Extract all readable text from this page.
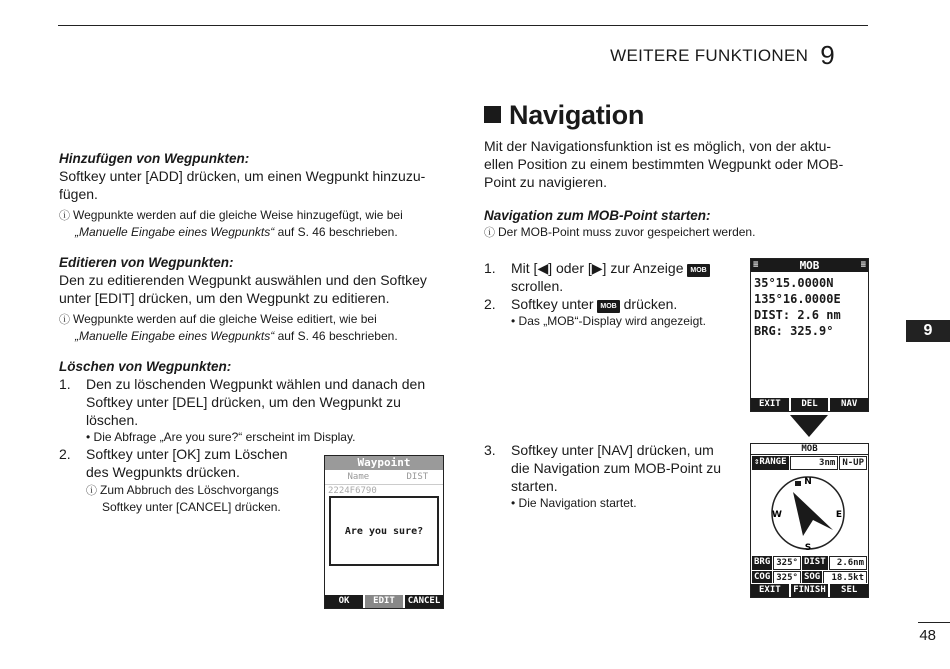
WEITERE FUNKTIONEN 9
9
Hinzufügen von Wegpunkten:
Softkey unter [ADD] drücken, um einen Wegpunkt hinzuzufügen.
ⓘ Wegpunkte werden auf die gleiche Weise hinzugefügt, wie bei
„Manuelle Eingabe eines Wegpunkts“ auf S. 46 beschrieben.
Editieren von Wegpunkten:
Den zu editierenden Wegpunkt auswählen und den Softkey unter [EDIT] drücken, um den Wegpunkt zu editieren.
ⓘ Wegpunkte werden auf die gleiche Weise editiert, wie bei
„Manuelle Eingabe eines Wegpunkts“ auf S. 46 beschrieben.
Löschen von Wegpunkten:
1.	Den zu löschenden Wegpunkt wählen und danach den Softkey unter [DEL] drücken, um den Wegpunkt zu löschen.
• Die Abfrage „Are you sure?“ erscheint im Display.
2.	Softkey unter [OK] zum Löschen des Wegpunkts drücken.
ⓘ Zum Abbruch des Löschvorgangs Softkey unter [CANCEL] drücken.
Waypoint
Name	DIST
2224F6790
Are you sure?
OK	EDIT	CANCEL
Navigation
Mit der Navigationsfunktion ist es möglich, von der aktuellen Position zu einem bestimmten Wegpunkt oder MOB-Point zu navigieren.
Navigation zum MOB-Point starten:
ⓘ Der MOB-Point muss zuvor gespeichert werden.
1.	Mit [◀] oder [▶] zur Anzeige MOB
scrollen.
2.	Softkey unter MOB drücken.
• Das „MOB“-Display wird angezeigt.
3.	Softkey unter [NAV] drücken, um die Navigation zum MOB-Point zu starten.
• Die Navigation startet.
≡	MOB	≡
35°15.0000N
135°16.0000E
DIST: 2.6 nm
BRG: 325.9°
EXIT	DEL	NAV
MOB
⇕RANGE	3nm N-UP
N
E
S
W
BRG 325° DIST	2.6nm
COG 325° SOG	18.5kt
EXIT	FINISH	SEL
48
